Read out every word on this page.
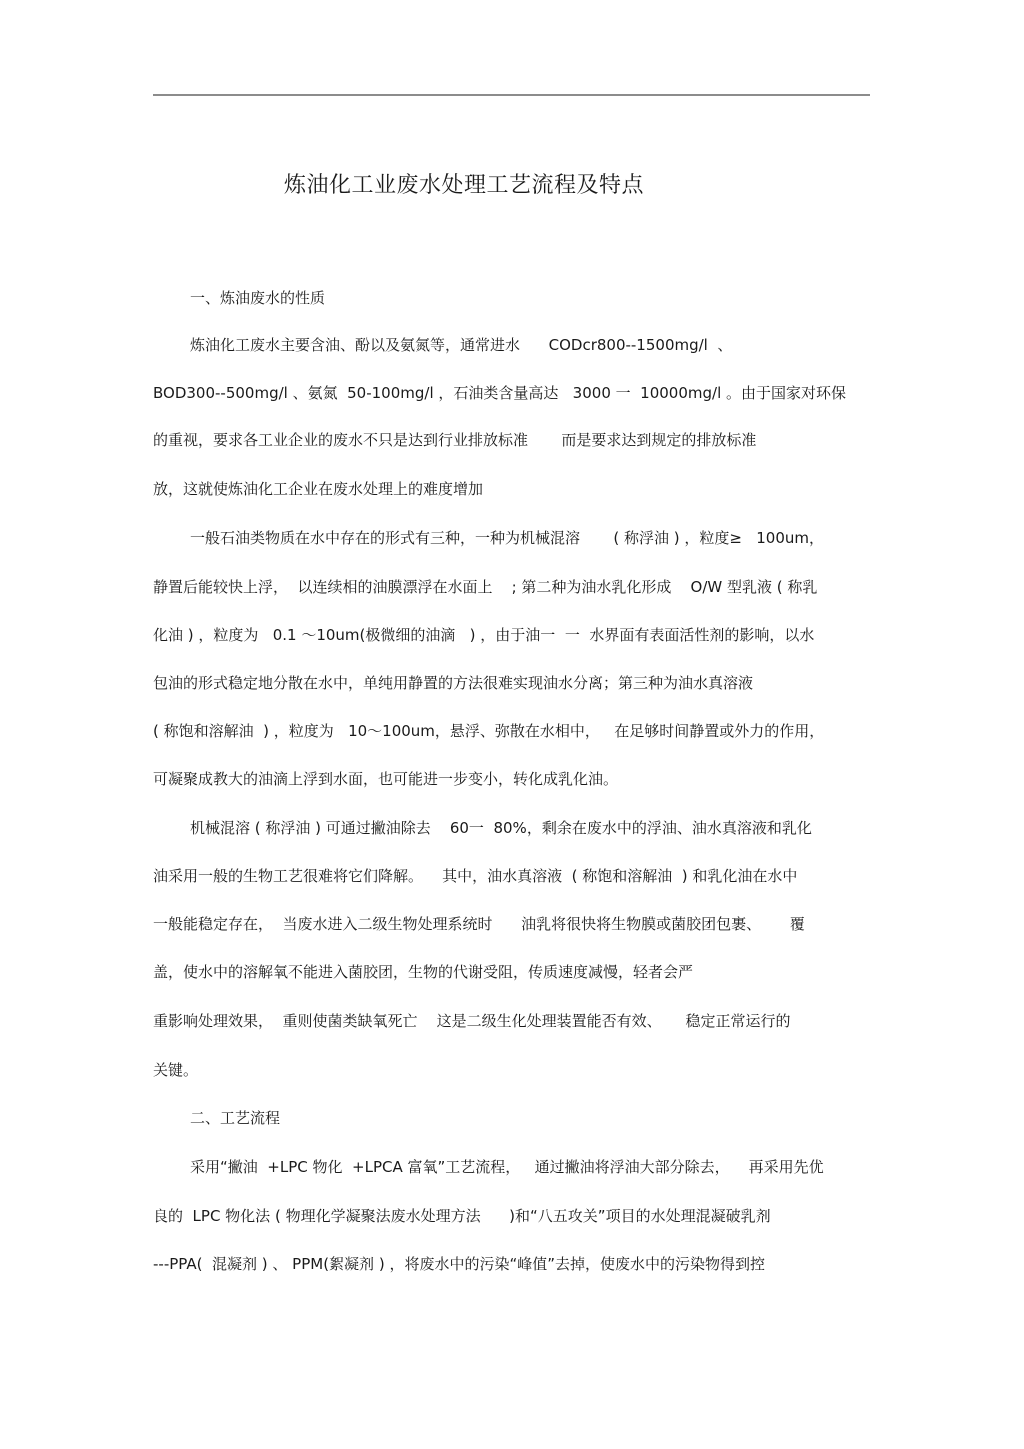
炼油化工业废水处理工艺流程及特点
一、炼油废水的性质
炼油化工废水主要含油、酚以及氨氮等，通常进水      CODcr800--1500mg/l  、
BOD300--500mg/l 、氨氮  50-100mg/l ，石油类含量高达   3000 一  10000mg/l 。由于国家对环保
的重视，要求各工业企业的废水不只是达到行业排放标准       而是要求达到规定的排放标准
放，这就使炼油化工企业在废水处理上的难度增加
一般石油类物质在水中存在的形式有三种，一种为机械混溶       ( 称浮油 ) ，粒度≥   100um，
静置后能较快上浮，  以连续相的油膜漂浮在水面上    ; 第二种为油水乳化形成    O/W 型乳液 ( 称乳
化油 ) ，粒度为   0.1 ～10um(极微细的油滴   ) ，由于油一  一  水界面有表面活性剂的影响，以水
包油的形式稳定地分散在水中，单纯用静置的方法很难实现油水分离；第三种为油水真溶液
( 称饱和溶解油  ) ，粒度为   10～100um，悬浮、弥散在水相中，   在足够时间静置或外力的作用，
可凝聚成教大的油滴上浮到水面，也可能进一步变小，转化成乳化油。
机械混溶 ( 称浮油 ) 可通过撇油除去    60一  80%，剩余在废水中的浮油、油水真溶液和乳化
油采用一般的生物工艺很难将它们降解。    其中，油水真溶液  ( 称饱和溶解油  ) 和乳化油在水中
一般能稳定存在，  当废水进入二级生物处理系统时      油乳将很快将生物膜或菌胶团包裹、      覆
盖，使水中的溶解氧不能进入菌胶团，生物的代谢受阻，传质速度减慢，轻者会严
重影响处理效果，  重则使菌类缺氧死亡    这是二级生化处理装置能否有效、     稳定正常运行的
关键。
二、工艺流程
采用“撇油  +LPC 物化  +LPCA 富氧”工艺流程，   通过撇油将浮油大部分除去，    再采用先优
良的  LPC 物化法 ( 物理化学凝聚法废水处理方法      )和“八五攻关”项目的水处理混凝破乳剂
---PPA(  混凝剂 ) 、 PPM(絮凝剂 ) ，将废水中的污染“峰值”去掉，使废水中的污染物得到控
